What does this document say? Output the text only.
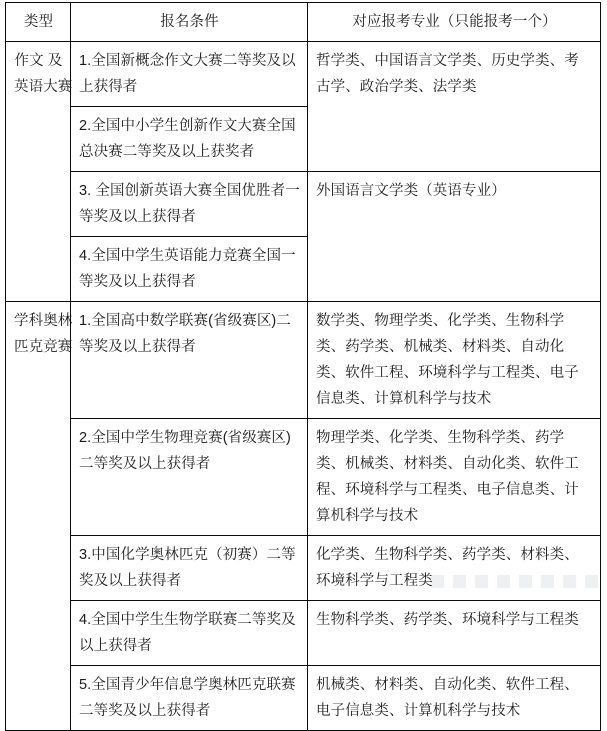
类型	报名条件	对应报考专业（只能报考一个）

作文 及
英语大赛	1.全国新概念作文大赛二等奖及以上获得者	哲学类、中国语言文学类、历史学类、考古学、政治学类、法学类
	2.全国中小学生创新作文大赛全国总决赛二等奖及以上获奖者	
	3. 全国创新英语大赛全国优胜者一等奖及以上获得者	外国语言文学类（英语专业）
	4.全国中学生英语能力竞赛全国一等奖及以上获得者	

学科奥林
匹克竞赛	1.全国高中数学联赛(省级赛区)二等奖及以上获得者	数学类、物理学类、化学类、生物科学类、药学类、机械类、材料类、自动化类、软件工程、环境科学与工程类、电子信息类、计算机科学与技术
	2.全国中学生物理竞赛(省级赛区) 二等奖及以上获得者	物理学类、化学类、生物科学类、药学类、机械类、材料类、自动化类、软件工程、环境科学与工程类、电子信息类、计算机科学与技术
	3.中国化学奥林匹克（初赛）二等奖及以上获得者	化学类、生物科学类、药学类、材料类、环境科学与工程类
	4.全国中学生生物学联赛二等奖及以上获得者	生物科学类、药学类、环境科学与工程类
	5.全国青少年信息学奥林匹克联赛二等奖及以上获得者	机械类、材料类、自动化类、软件工程、电子信息类、计算机科学与技术
